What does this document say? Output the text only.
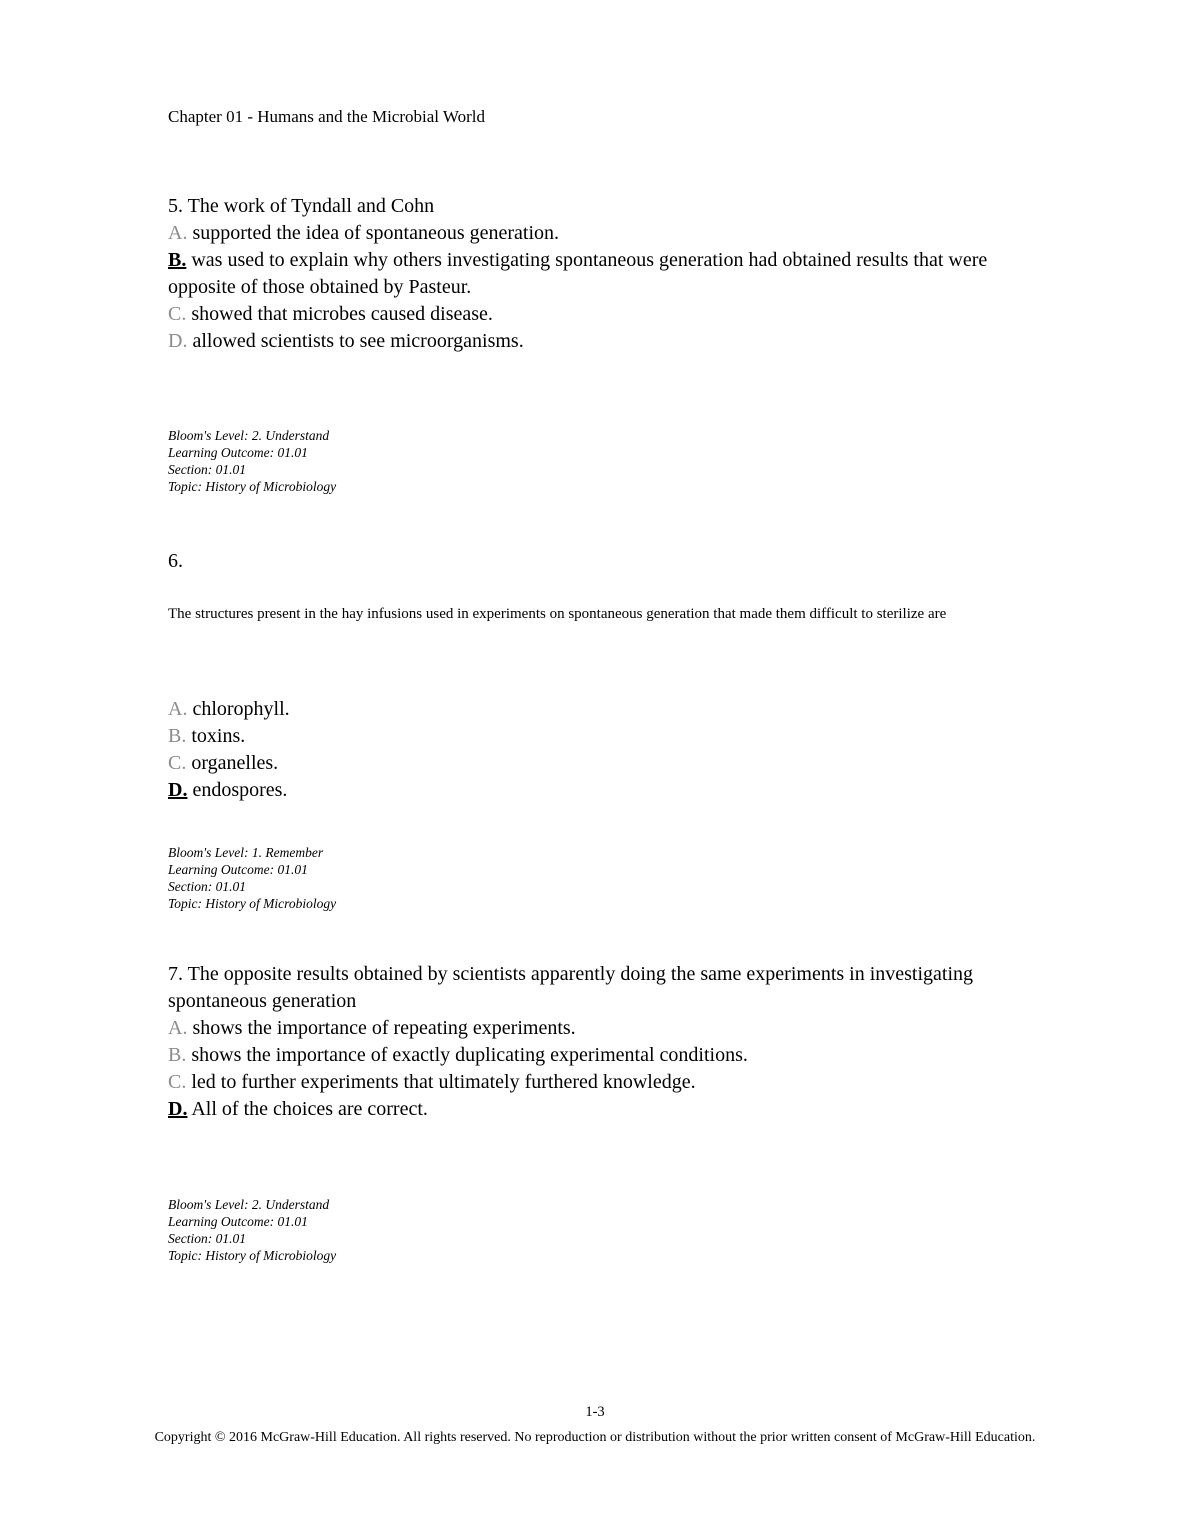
Chapter 01 - Humans and the Microbial World
5. The work of Tyndall and Cohn
A. supported the idea of spontaneous generation.
B. was used to explain why others investigating spontaneous generation had obtained results that were opposite of those obtained by Pasteur.
C. showed that microbes caused disease.
D. allowed scientists to see microorganisms.
Bloom's Level: 2. Understand
Learning Outcome: 01.01
Section: 01.01
Topic: History of Microbiology
6.
The structures present in the hay infusions used in experiments on spontaneous generation that made them difficult to sterilize are
A. chlorophyll.
B. toxins.
C. organelles.
D. endospores.
Bloom's Level: 1. Remember
Learning Outcome: 01.01
Section: 01.01
Topic: History of Microbiology
7. The opposite results obtained by scientists apparently doing the same experiments in investigating spontaneous generation
A. shows the importance of repeating experiments.
B. shows the importance of exactly duplicating experimental conditions.
C. led to further experiments that ultimately furthered knowledge.
D. All of the choices are correct.
Bloom's Level: 2. Understand
Learning Outcome: 01.01
Section: 01.01
Topic: History of Microbiology
1-3
Copyright © 2016 McGraw-Hill Education. All rights reserved. No reproduction or distribution without the prior written consent of McGraw-Hill Education.
